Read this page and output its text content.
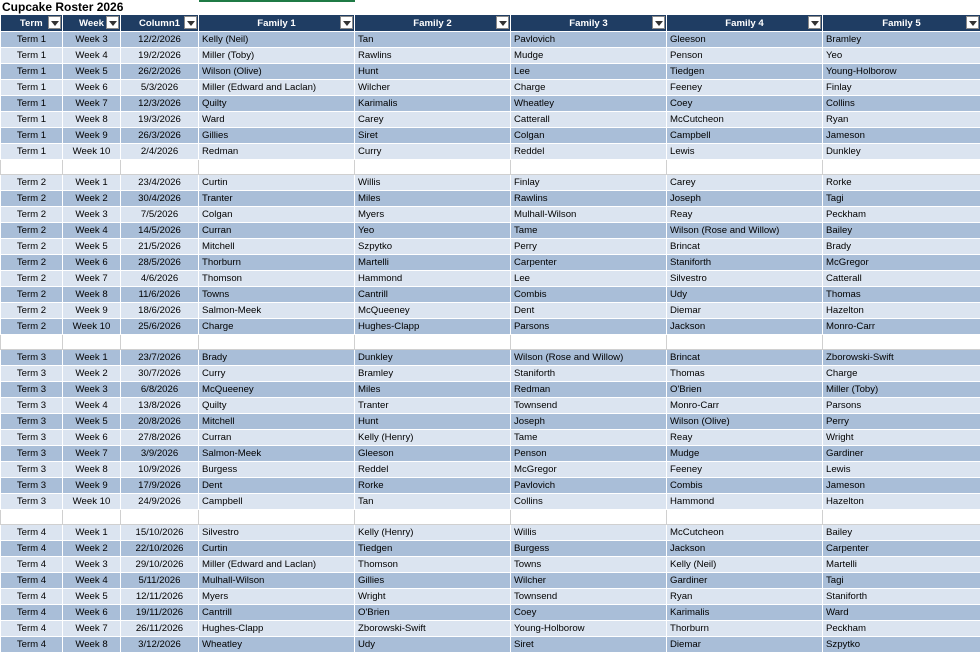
Cupcake Roster 2026
Term	Week	Column1	Family 1	Family 2	Family 3	Family 4	Family 5

Term 1	Week 3	12/2/2026	Kelly (Neil)	Tan	Pavlovich	Gleeson	Bramley
Term 1	Week 4	19/2/2026	Miller (Toby)	Rawlins	Mudge	Penson	Yeo
Term 1	Week 5	26/2/2026	Wilson (Olive)	Hunt	Lee	Tiedgen	Young-Holborow
Term 1	Week 6	5/3/2026	Miller (Edward and Laclan)	Wilcher	Charge	Feeney	Finlay
Term 1	Week 7	12/3/2026	Quilty	Karimalis	Wheatley	Coey	Collins
Term 1	Week 8	19/3/2026	Ward	Carey	Catterall	McCutcheon	Ryan
Term 1	Week 9	26/3/2026	Gillies	Siret	Colgan	Campbell	Jameson
Term 1	Week 10	2/4/2026	Redman	Curry	Reddel	Lewis	Dunkley

Term 2	Week 1	23/4/2026	Curtin	Willis	Finlay	Carey	Rorke
Term 2	Week 2	30/4/2026	Tranter	Miles	Rawlins	Joseph	Tagi
Term 2	Week 3	7/5/2026	Colgan	Myers	Mulhall-Wilson	Reay	Peckham
Term 2	Week 4	14/5/2026	Curran	Yeo	Tame	Wilson (Rose and Willow)	Bailey
Term 2	Week 5	21/5/2026	Mitchell	Szpytko	Perry	Brincat	Brady
Term 2	Week 6	28/5/2026	Thorburn	Martelli	Carpenter	Staniforth	McGregor
Term 2	Week 7	4/6/2026	Thomson	Hammond	Lee	Silvestro	Catterall
Term 2	Week 8	11/6/2026	Towns	Cantrill	Combis	Udy	Thomas
Term 2	Week 9	18/6/2026	Salmon-Meek	McQueeney	Dent	Diemar	Hazelton
Term 2	Week 10	25/6/2026	Charge	Hughes-Clapp	Parsons	Jackson	Monro-Carr

Term 3	Week 1	23/7/2026	Brady	Dunkley	Wilson (Rose and Willow)	Brincat	Zborowski-Swift
Term 3	Week 2	30/7/2026	Curry	Bramley	Staniforth	Thomas	Charge
Term 3	Week 3	6/8/2026	McQueeney	Miles	Redman	O'Brien	Miller (Toby)
Term 3	Week 4	13/8/2026	Quilty	Tranter	Townsend	Monro-Carr	Parsons
Term 3	Week 5	20/8/2026	Mitchell	Hunt	Joseph	Wilson (Olive)	Perry
Term 3	Week 6	27/8/2026	Curran	Kelly (Henry)	Tame	Reay	Wright
Term 3	Week 7	3/9/2026	Salmon-Meek	Gleeson	Penson	Mudge	Gardiner
Term 3	Week 8	10/9/2026	Burgess	Reddel	McGregor	Feeney	Lewis
Term 3	Week 9	17/9/2026	Dent	Rorke	Pavlovich	Combis	Jameson
Term 3	Week 10	24/9/2026	Campbell	Tan	Collins	Hammond	Hazelton

Term 4	Week 1	15/10/2026	Silvestro	Kelly (Henry)	Willis	McCutcheon	Bailey
Term 4	Week 2	22/10/2026	Curtin	Tiedgen	Burgess	Jackson	Carpenter
Term 4	Week 3	29/10/2026	Miller (Edward and Laclan)	Thomson	Towns	Kelly (Neil)	Martelli
Term 4	Week 4	5/11/2026	Mulhall-Wilson	Gillies	Wilcher	Gardiner	Tagi
Term 4	Week 5	12/11/2026	Myers	Wright	Townsend	Ryan	Staniforth
Term 4	Week 6	19/11/2026	Cantrill	O'Brien	Coey	Karimalis	Ward
Term 4	Week 7	26/11/2026	Hughes-Clapp	Zborowski-Swift	Young-Holborow	Thorburn	Peckham
Term 4	Week 8	3/12/2026	Wheatley	Udy	Siret	Diemar	Szpytko
